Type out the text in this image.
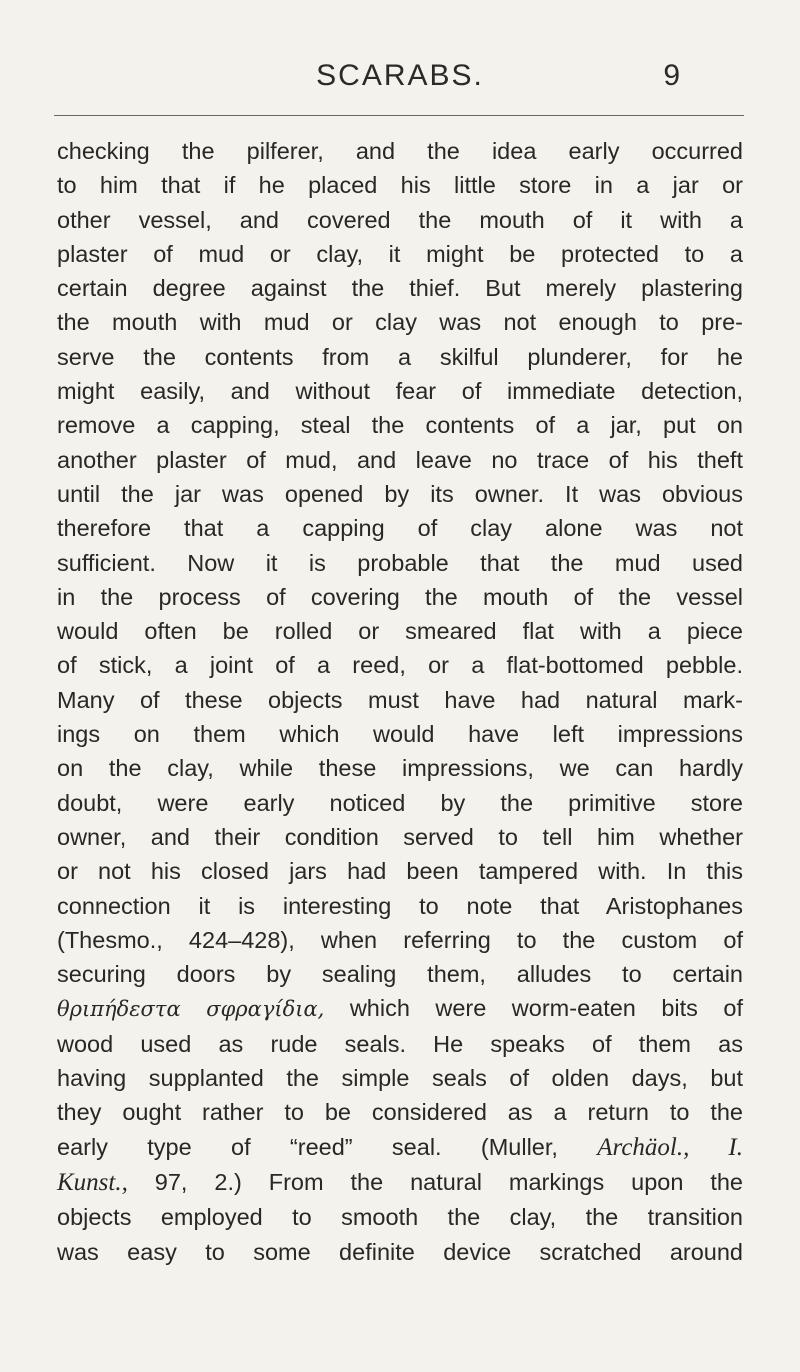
SCARABS.	9
checking the pilferer, and the idea early occurred
to him that if he placed his little store in a jar or
other vessel, and covered the mouth of it with a
plaster of mud or clay, it might be protected to a
certain degree against the thief. But merely plastering
the mouth with mud or clay was not enough to pre-
serve the contents from a skilful plunderer, for he
might easily, and without fear of immediate detection,
remove a capping, steal the contents of a jar, put on
another plaster of mud, and leave no trace of his theft
until the jar was opened by its owner. It was obvious
therefore that a capping of clay alone was not
sufficient. Now it is probable that the mud used
in the process of covering the mouth of the vessel
would often be rolled or smeared flat with a piece
of stick, a joint of a reed, or a flat-bottomed pebble.
Many of these objects must have had natural mark-
ings on them which would have left impressions
on the clay, while these impressions, we can hardly
doubt, were early noticed by the primitive store
owner, and their condition served to tell him whether
or not his closed jars had been tampered with. In this
connection it is interesting to note that Aristophanes
(Thesmo., 424–428), when referring to the custom of
securing doors by sealing them, alludes to certain
θριπήδεστα σφραγίδια, which were worm-eaten bits of
wood used as rude seals. He speaks of them as
having supplanted the simple seals of olden days, but
they ought rather to be considered as a return to the
early type of “reed” seal. (Muller, Archäol., I.
Kunst., 97, 2.) From the natural markings upon the
objects employed to smooth the clay, the transition
was easy to some definite device scratched around
